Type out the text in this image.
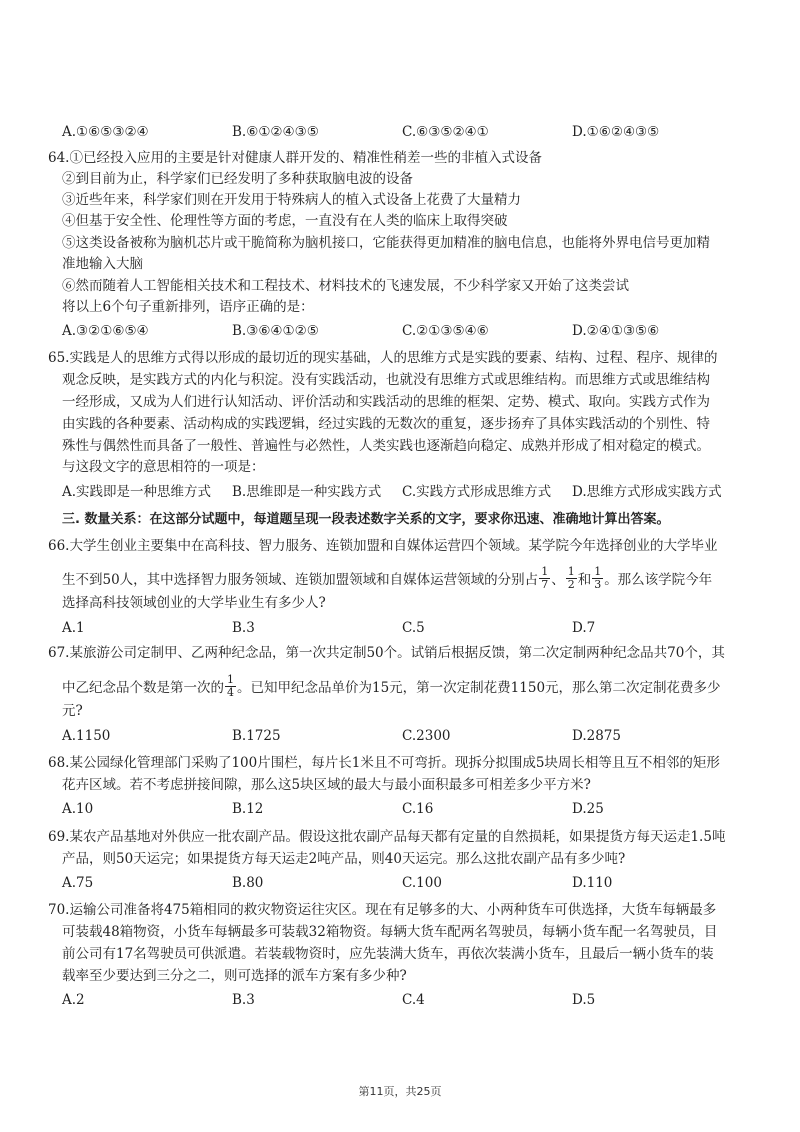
A.①⑥⑤③②④	B.⑥①②④③⑤	C.⑥③⑤②④①	D.①⑥②④③⑤
64.①已经投入应用的主要是针对健康人群开发的、精准性稍差一些的非植入式设备
②到目前为止，科学家们已经发明了多种获取脑电波的设备
③近些年来，科学家们则在开发用于特殊病人的植入式设备上花费了大量精力
④但基于安全性、伦理性等方面的考虑，一直没有在人类的临床上取得突破
⑤这类设备被称为脑机芯片或干脆简称为脑机接口，它能获得更加精准的脑电信息，也能将外界电信号更加精
准地输入大脑
⑥然而随着人工智能相关技术和工程技术、材料技术的飞速发展，不少科学家又开始了这类尝试
将以上6个句子重新排列，语序正确的是：
A.③②①⑥⑤④	B.③⑥④①②⑤	C.②①③⑤④⑥	D.②④①③⑤⑥
65.实践是人的思维方式得以形成的最切近的现实基础，人的思维方式是实践的要素、结构、过程、程序、规律的
观念反映，是实践方式的内化与积淀。没有实践活动，也就没有思维方式或思维结构。而思维方式或思维结构
一经形成，又成为人们进行认知活动、评价活动和实践活动的思维的框架、定势、模式、取向。实践方式作为
由实践的各种要素、活动构成的实践逻辑，经过实践的无数次的重复，逐步扬弃了具体实践活动的个别性、特
殊性与偶然性而具备了一般性、普遍性与必然性，人类实践也逐渐趋向稳定、成熟并形成了相对稳定的模式。
与这段文字的意思相符的一项是：
A.实践即是一种思维方式 B.思维即是一种实践方式 C.实践方式形成思维方式 D.思维方式形成实践方式
三. 数量关系：在这部分试题中，每道题呈现一段表述数字关系的文字，要求你迅速、准确地计算出答案。
66.大学生创业主要集中在高科技、智力服务、连锁加盟和自媒体运营四个领域。某学院今年选择创业的大学毕业
生不到50人，其中选择智力服务领域、连锁加盟领域和自媒体运营领域的分别占 $\frac{1}{7}$ 、 $\frac{1}{2}$ 和 $\frac{1}{3}$ 。那么该学院今年
选择高科技领域创业的大学毕业生有多少人?
A.1	B.3	C.5	D.7
67.某旅游公司定制甲、乙两种纪念品，第一次共定制50个。试销后根据反馈，第二次定制两种纪念品共70个，其
中乙纪念品个数是第一次的 $\frac{1}{4}$ 。已知甲纪念品单价为15元，第一次定制花费1150元，那么第二次定制花费多少
元?
A.1150	B.1725	C.2300	D.2875
68.某公园绿化管理部门采购了100片围栏，每片长1米且不可弯折。现拆分拟围成5块周长相等且互不相邻的矩形
花卉区域。若不考虑拼接间隙，那么这5块区域的最大与最小面积最多可相差多少平方米?
A.10	B.12	C.16	D.25
69.某农产品基地对外供应一批农副产品。假设这批农副产品每天都有定量的自然损耗，如果提货方每天运走1.5吨
产品，则50天运完；如果提货方每天运走2吨产品，则40天运完。那么这批农副产品有多少吨?
A.75	B.80	C.100	D.110
70.运输公司准备将475箱相同的救灾物资运往灾区。现在有足够多的大、小两种货车可供选择，大货车每辆最多
可装载48箱物资，小货车每辆最多可装载32箱物资。每辆大货车配两名驾驶员，每辆小货车配一名驾驶员，目
前公司有17名驾驶员可供派遣。若装载物资时，应先装满大货车，再依次装满小货车，且最后一辆小货车的装
载率至少要达到三分之二，则可选择的派车方案有多少种?
A.2	B.3	C.4	D.5
第11页，共25页
